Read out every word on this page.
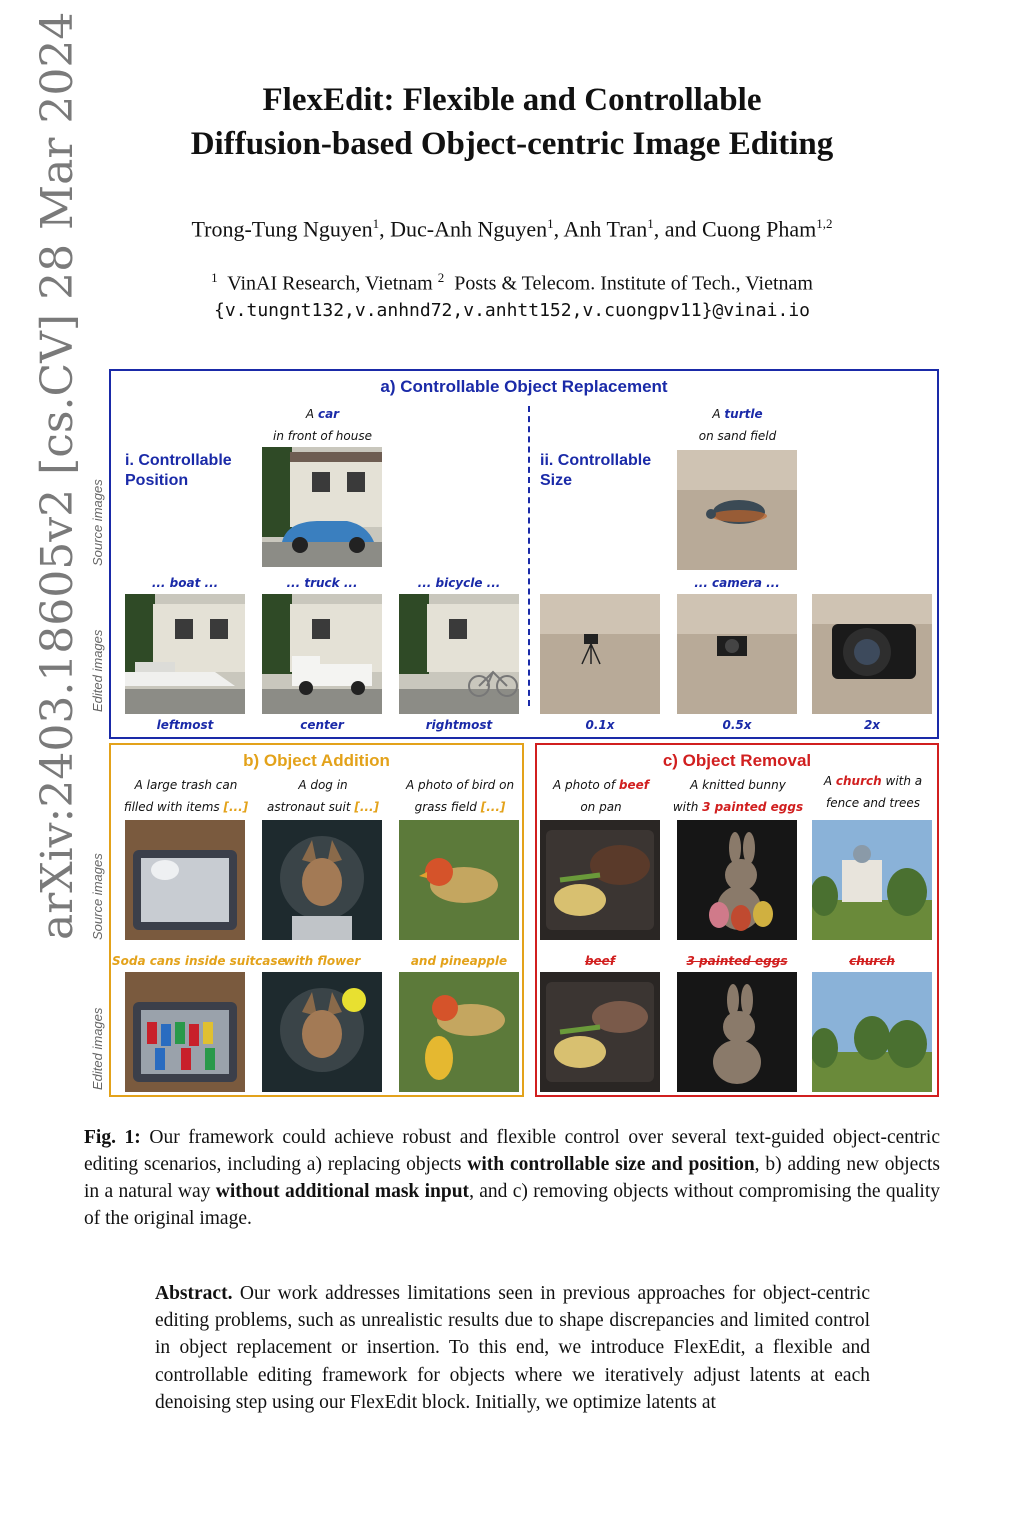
arXiv:2403.18605v2 [cs.CV] 28 Mar 2024	FlexEdit: Flexible and Controllable
Diffusion-based Object-centric Image Editing
Trong-Tung Nguyen$^1$, Duc-Anh Nguyen$^1$, Anh Tran$^1$, and Cuong Pham$^{1,2}$
$^1$ VinAI Research, Vietnam $^2$ Posts & Telecom. Institute of Tech., Vietnam
{v.tungnt132,v.anhnd72,v.anhtt152,v.cuongpv11}@vinai.io
a) Controllable Object Replacement
Source images
Edited images
i. Controllable Position
ii. Controllable Size
A car
in front of house
A turtle
on sand field
... boat ...	... truck ...	... bicycle ...	... camera ...
leftmost	center	rightmost	0.1x	0.5x	2x
b) Object Addition
Source images
Edited images
A large trash can
filled with items [...]
A dog in
astronaut suit [...]
A photo of bird on
grass field [...]
Soda cans inside suitcase
with flower	and pineapple
c) Object Removal
A photo of beef
on pan
A knitted bunny
with 3 painted eggs
A church with a
fence and trees
beef	3 painted eggs	church
Fig. 1: Our framework could achieve robust and flexible control over several text-guided object-centric editing scenarios, including a) replacing objects with controllable size and position, b) adding new objects in a natural way without additional mask input, and c) removing objects without compromising the quality of the original image.
Abstract. Our work addresses limitations seen in previous approaches for object-centric editing problems, such as unrealistic results due to shape discrepancies and limited control in object replacement or insertion. To this end, we introduce FlexEdit, a flexible and controllable editing framework for objects where we iteratively adjust latents at each denoising step using our FlexEdit block. Initially, we optimize latents at
